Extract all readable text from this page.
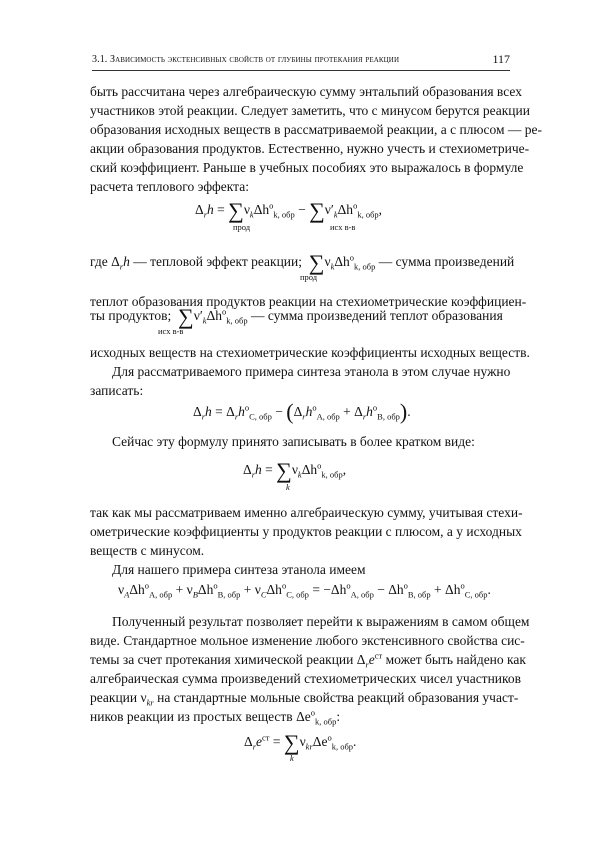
3.1. Зависимость экстенсивных свойств от глубины протекания реакции	117
быть рассчитана через алгебраическую сумму энтальпий образования всех
участников этой реакции. Следует заметить, что с минусом берутся реакции
образования исходных веществ в рассматриваемой реакции, а с плюсом — ре-
акции образования продуктов. Естественно, нужно учесть и стехиометриче-
ский коэффициент. Раньше в учебных пособиях это выражалось в формуле
расчета теплового эффекта:
$\Delta_rh = \sum\nu_k\Delta h^o_{k, обр} - \sum\nu'_k\Delta h^o_{k, обр}$,
прод	исх в-в
где $\Delta_rh$ — тепловой эффект реакции; $\sum\nu_k\Delta h^o_{k, обр}$ — сумма произведений
прод
теплот образования продуктов реакции на стехиометрические коэффициен-
ты продуктов; $\sum\nu'_k\Delta h^o_{k, обр}$ — сумма произведений теплот образования
исх в-в
исходных веществ на стехиометрические коэффициенты исходных веществ.
Для рассматриваемого примера синтеза этанола в этом случае нужно
записать:
$\Delta_rh = \Delta_rh^o_{C, обр} - (\Delta_rh^o_{A, обр} + \Delta_rh^o_{B, обр})$.
Сейчас эту формулу принято записывать в более кратком виде:
$\Delta_rh = \sum\nu_k\Delta h^o_{k, обр}$,
k
так как мы рассматриваем именно алгебраическую сумму, учитывая стехи-
ометрические коэффициенты у продуктов реакции с плюсом, а у исходных
веществ с минусом.
Для нашего примера синтеза этанола имеем
$\nu_A\Delta h^o_{A, обр} + \nu_B\Delta h^o_{B, обр} + \nu_C\Delta h^o_{C, обр} = -\Delta h^o_{A, обр} - \Delta h^o_{B, обр} + \Delta h^o_{C, обр}$.
Полученный результат позволяет перейти к выражениям в самом общем
виде. Стандартное мольное изменение любого экстенсивного свойства сис-
темы за счет протекания химической реакции $\Delta_re^{ст}$ может быть найдено как
алгебраическая сумма произведений стехиометрических чисел участников
реакции $\nu_{kr}$ на стандартные мольные свойства реакций образования участ-
ников реакции из простых веществ $\Delta e^o_{k, обр}$:
$\Delta_re^{ст} = \sum\nu_{kr}\Delta e^o_{k, обр}$.
k
